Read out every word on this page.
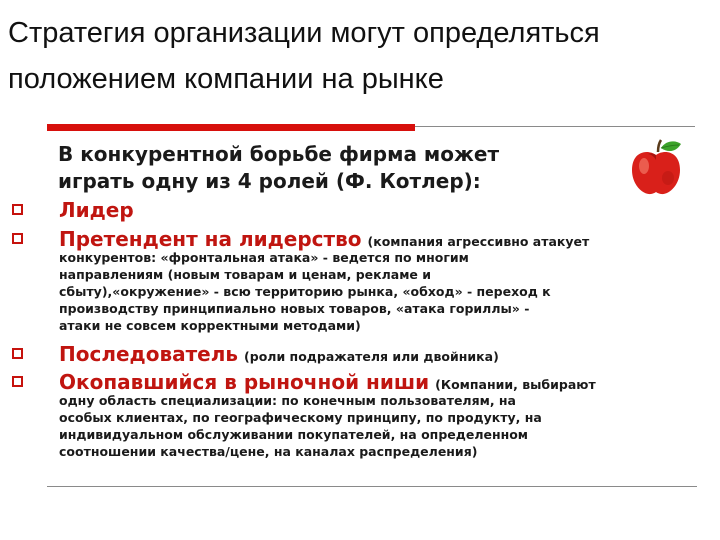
Стратегия организации могут определяться
положением компании на рынке
В конкурентной борьбе фирма может
играть одну из 4 ролей (Ф. Котлер):
Лидер
Претендент на лидерство (компания агрессивно атакует
конкурентов: «фронтальная атака» - ведется по многим
направлениям (новым товарам и ценам, рекламе и
сбыту),«окружение» - всю территорию рынка, «обход» - переход к
производству принципиально новых товаров, «атака гориллы» -
атаки не совсем корректными методами)
Последователь (роли подражателя или двойника)
Окопавшийся в рыночной ниши (Компании, выбирают
одну область специализации: по конечным пользователям, на
особых клиентах, по географическому принципу, по продукту, на
индивидуальном обслуживании покупателей, на определенном
соотношении качества/цене, на каналах распределения)
